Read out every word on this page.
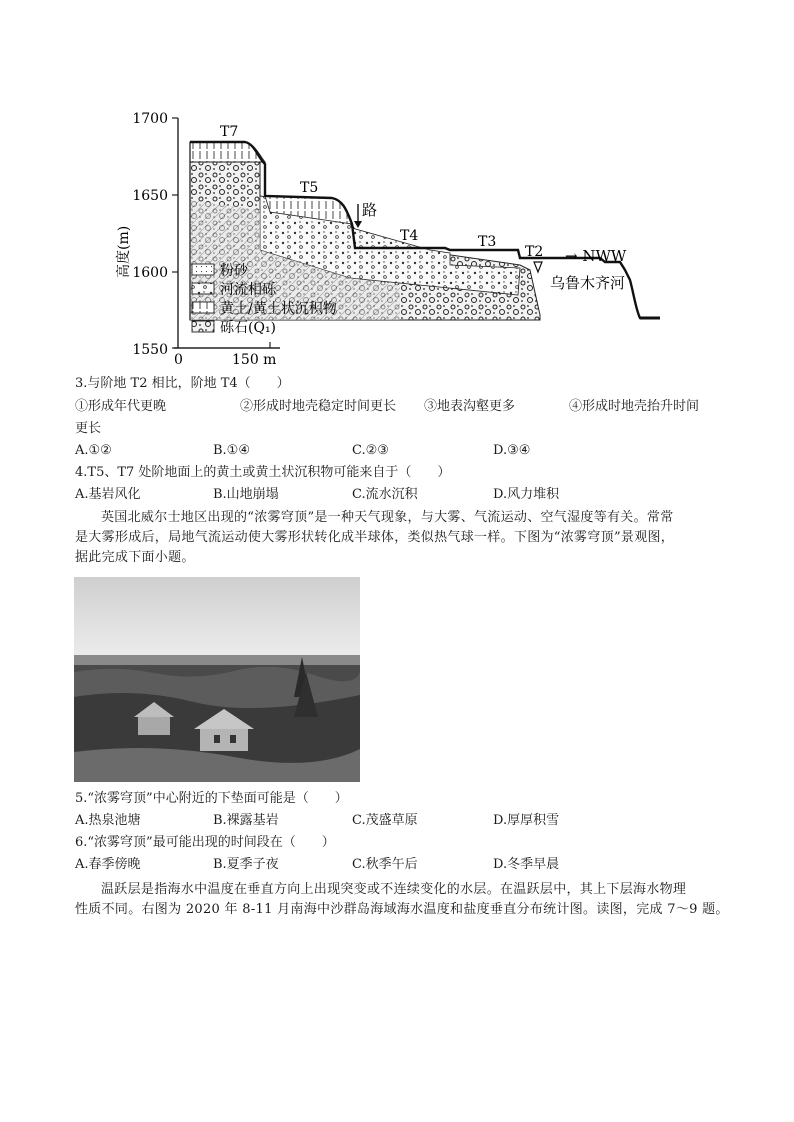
1700
1650
1600
1550
0	150 m
高度(m)
T7
T5
T4	T3
T2
路
→ NWW
乌鲁木齐河
粉砂
河流相砾
黄土/黄土状沉积物
砾石(Q₁)
3.与阶地 T2 相比，阶地 T4（　　）
①形成年代更晚	②形成时地壳稳定时间更长 ③地表沟壑更多	④形成时地壳抬升时间
更长
A.①②	B.①④	C.②③	D.③④
4.T5、T7 处阶地面上的黄土或黄土状沉积物可能来自于（　　）
A.基岩风化	B.山地崩塌	C.流水沉积	D.风力堆积
英国北威尔士地区出现的“浓雾穹顶”是一种天气现象，与大雾、气流运动、空气湿度等有关。常常
是大雾形成后，局地气流运动使大雾形状转化成半球体，类似热气球一样。下图为“浓雾穹顶”景观图，
据此完成下面小题。
5.“浓雾穹顶”中心附近的下垫面可能是（　　）
A.热泉池塘	B.裸露基岩	C.茂盛草原	D.厚厚积雪
6.“浓雾穹顶”最可能出现的时间段在（　　）
A.春季傍晚	B.夏季子夜	C.秋季午后	D.冬季早晨
温跃层是指海水中温度在垂直方向上出现突变或不连续变化的水层。在温跃层中，其上下层海水物理
性质不同。右图为 2020 年 8-11 月南海中沙群岛海域海水温度和盐度垂直分布统计图。读图，完成 7～9 题。
